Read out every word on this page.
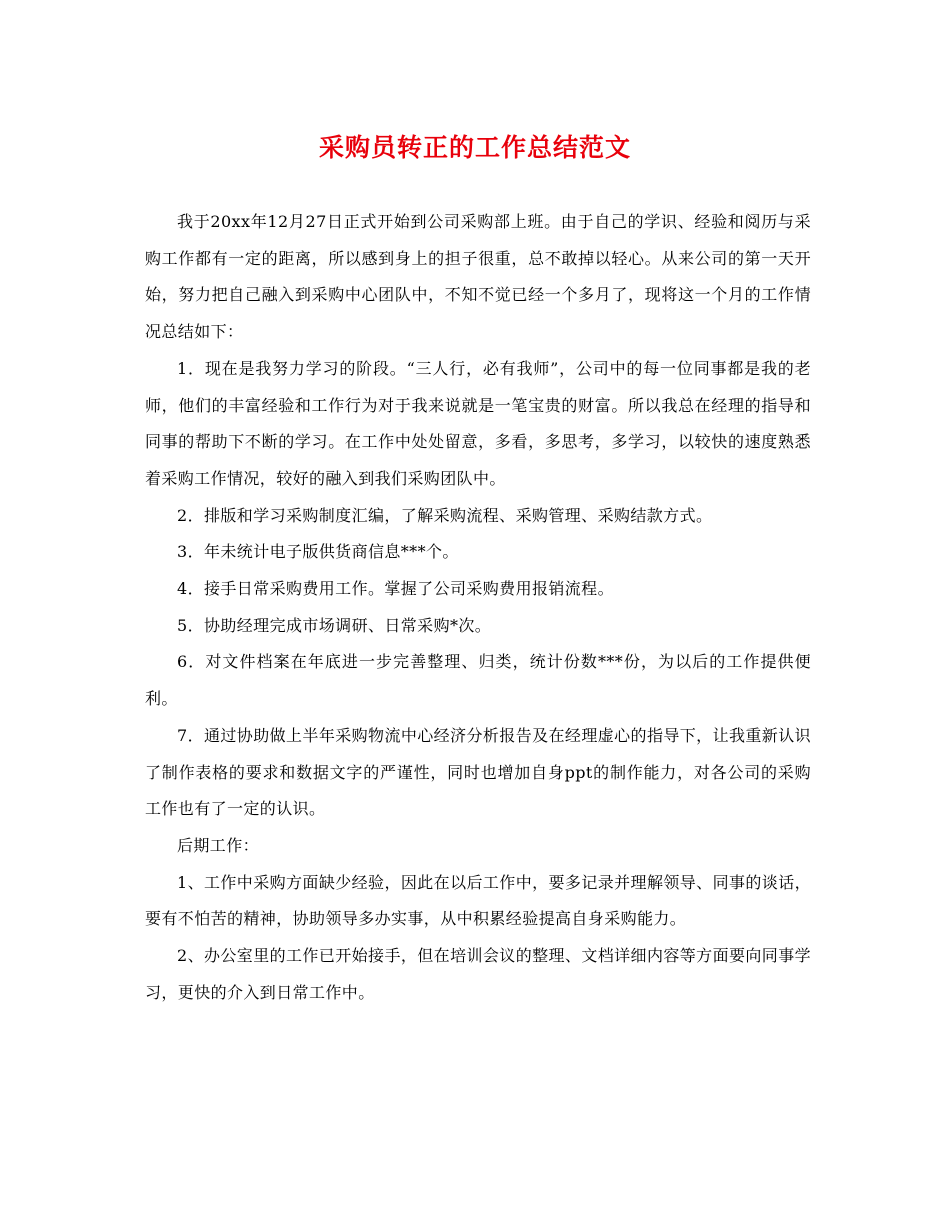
采购员转正的工作总结范文

我于20xx年12月27日正式开始到公司采购部上班。由于自己的学识、经验和阅历与采购工作都有一定的距离，所以感到身上的担子很重，总不敢掉以轻心。从来公司的第一天开始，努力把自己融入到采购中心团队中，不知不觉已经一个多月了，现将这一个月的工作情况总结如下：

1．现在是我努力学习的阶段。“三人行，必有我师”，公司中的每一位同事都是我的老师，他们的丰富经验和工作行为对于我来说就是一笔宝贵的财富。所以我总在经理的指导和同事的帮助下不断的学习。在工作中处处留意，多看，多思考，多学习，以较快的速度熟悉着采购工作情况，较好的融入到我们采购团队中。

2．排版和学习采购制度汇编，了解采购流程、采购管理、采购结款方式。

3．年未统计电子版供货商信息***个。

4．接手日常采购费用工作。掌握了公司采购费用报销流程。

5．协助经理完成市场调研、日常采购*次。

6．对文件档案在年底进一步完善整理、归类，统计份数***份，为以后的工作提供便利。

7．通过协助做上半年采购物流中心经济分析报告及在经理虚心的指导下，让我重新认识了制作表格的要求和数据文字的严谨性，同时也增加自身ppt的制作能力，对各公司的采购工作也有了一定的认识。

后期工作：

1、工作中采购方面缺少经验，因此在以后工作中，要多记录并理解领导、同事的谈话，要有不怕苦的精神，协助领导多办实事，从中积累经验提高自身采购能力。

2、办公室里的工作已开始接手，但在培训会议的整理、文档详细内容等方面要向同事学习，更快的介入到日常工作中。
